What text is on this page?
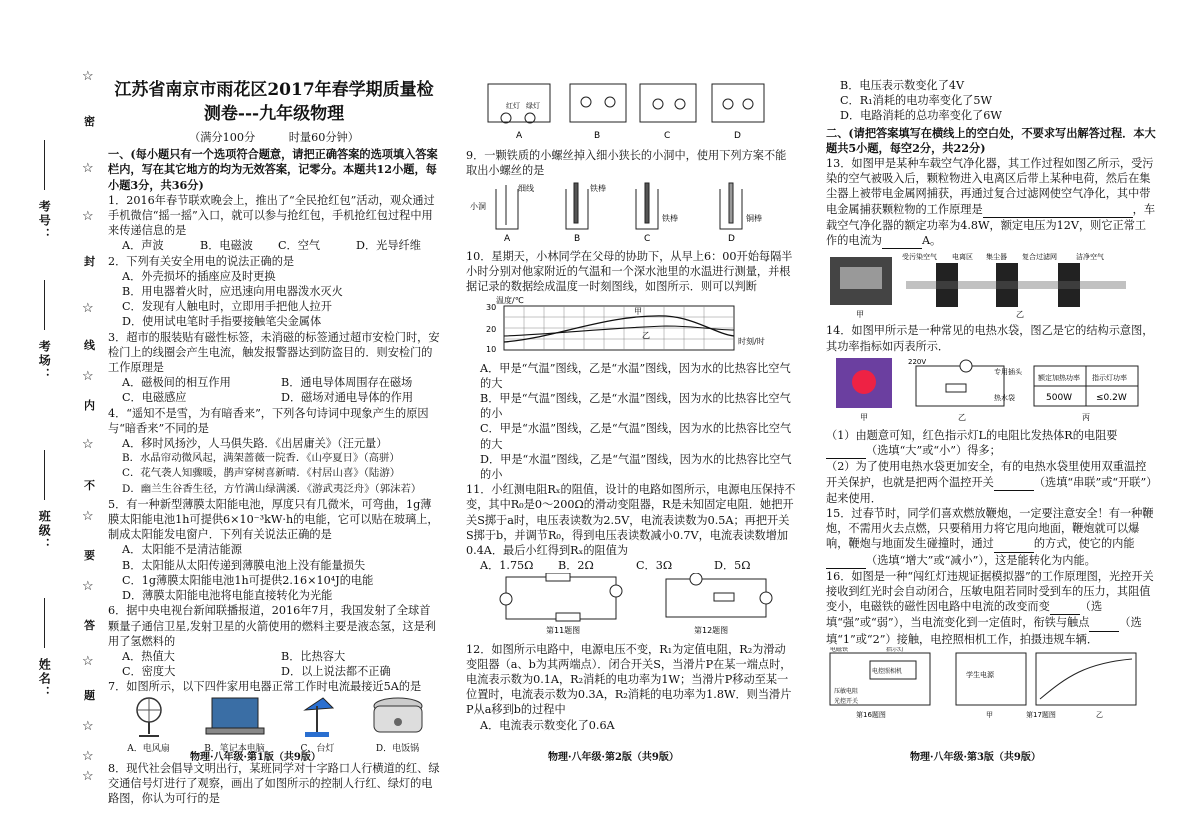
☆
密
☆
☆
封
☆
线
☆
内
☆
不
☆
要
☆
答
☆
题
☆
☆
☆
考号：
考场：
班级：
姓名：
江苏省南京市雨花区2017年春学期质量检
测卷---九年级物理
（满分100分　　　时量60分钟）

一、(每小题只有一个选项符合题意，请把正确答案的选项填入答案栏内，写在其它地方的均为无效答案，记零分。本题共12小题，每小题3分，共36分)

1．2016年春节联欢晚会上，推出了“全民抢红包”活动，观众通过手机微信“摇一摇”入口，就可以参与抢红包，手机抢红包过程中用来传递信息的是

A．声波	B．电磁波	C．空气	D．光导纤维

2．下列有关安全用电的说法正确的是

A．外壳损坏的插座应及时更换

B．用电器着火时，应迅速向用电器泼水灭火

C．发现有人触电时，立即用手把他人拉开

D．使用试电笔时手指要接触笔尖金属体

3．超市的服装贴有磁性标签，未消磁的标签通过超市安检门时，安检门上的线圈会产生电流，触发报警器达到防盗目的．则安检门的工作原理是

A．磁极间的相互作用	B．通电导体周围存在磁场
C．电磁感应	D．磁场对通电导体的作用

4．“遥知不是雪，为有暗香来”，下列各句诗词中现象产生的原因与“暗香来”不同的是

A．移时风扬沙，人马俱失路．《出居庸关》（汪元量）

B．水晶帘动微风起，满架蔷薇一院香．《山亭夏日》（高骈）

C．花气袭人知骤暖，鹊声穿树喜新晴．《村居山喜》（陆游）

D．幽兰生谷香生径，方竹满山绿满溪．《游武夷泛舟》（郭沫若）

5．有一种新型薄膜太阳能电池，厚度只有几微米，可弯曲，1g薄膜太阳能电池1h可提供6×10⁻³kW·h的电能，它可以贴在玻璃上，制成太阳能发电窗户．下列有关说法正确的是

A．太阳能不是清洁能源

B．太阳能从太阳传递到薄膜电池上没有能量损失

C．1g薄膜太阳能电池1h可提供2.16×10⁴J的电能

D．薄膜太阳能电池将电能直接转化为光能

6．据中央电视台新闻联播报道，2016年7月，我国发射了全球首颗量子通信卫星,发射卫星的火箭使用的燃料主要是液态氢，这是利用了氢燃料的

A．热值大	B．比热容大
C．密度大	D．以上说法都不正确

7．如图所示，以下四件家用电器正常工作时电流最接近5A的是

A．电风扇	B．笔记本电脑	C．台灯	D．电饭锅

8．现代社会倡导文明出行，某班同学对十字路口人行横道的红、绿交通信号灯进行了观察，画出了如图所示的控制人行红、绿灯的电路图，你认为可行的是

红灯 绿灯
A	B	C	D

9．一颗铁质的小螺丝掉入细小狭长的小洞中，使用下列方案不能取出小螺丝的是

细线	铁棒
铁棒	铜棒
小洞
A	B	C	D

10．星期天，小林同学在父母的协助下，从早上6：00开始每隔半小时分别对他家附近的气温和一个深水池里的水温进行测量，并根据记录的数据绘成温度一时刻图线，如图所示．则可以判断

温度/℃
30
20
10
甲
乙
时刻/时

A．甲是“气温”图线，乙是“水温”图线，因为水的比热容比空气的大

B．甲是“气温”图线，乙是“水温”图线，因为水的比热容比空气的小

C．甲是“水温”图线，乙是“气温”图线，因为水的比热容比空气的大

D．甲是“水温”图线，乙是“气温”图线，因为水的比热容比空气的小

11．小红测电阻Rₓ的阻值，设计的电路如图所示，电源电压保持不变，其中R₀是0～200Ω的滑动变阻器，R是未知固定电阻．她把开关S掷于a时，电压表读数为2.5V，电流表读数为0.5A；再把开关S掷于b，并调节R₀，得到电压表读数减小0.7V，电流表读数增加0.4A．最后小红得到Rₓ的阻值为

A．1.75Ω	B．2Ω	C．3Ω	D．5Ω
第11题图	第12题图

12．如图所示电路中，电源电压不变，R₁为定值电阻，R₂为滑动变阻器（a、b为其两端点）．闭合开关S，当滑片P在某一端点时，电流表示数为0.1A，R₂消耗的电功率为1W；当滑片P移动至某一位置时，电流表示数为0.3A，R₂消耗的电功率为1.8W．则当滑片P从a移到b的过程中

A．电流表示数变化了0.6A

B．电压表示数变化了4V

C．R₁消耗的电功率变化了5W

D．电路消耗的总功率变化了6W

二、(请把答案填写在横线上的空白处，不要求写出解答过程．本大题共5小题，每空2分，共22分)

13．如图甲是某种车载空气净化器，其工作过程如图乙所示，受污染的空气被吸入后，颗粒物进入电离区后带上某种电荷，然后在集尘器上被带电金属网捕获，再通过复合过滤网使空气净化，其中带电金属捕获颗粒物的工作原理是	，车载空气净化器的额定功率为4.8W，额定电压为12V，则它正常工作的电流为	A。

受污染空气 电离区 集尘器 复合过滤网	洁净空气
甲	乙

14．如图甲所示是一种常见的电热水袋，图乙是它的结构示意图，其功率指标如丙表所示．

220V
专用插头
热水袋
额定加热功率 指示灯功率
500W	≤0.2W
甲	乙	丙

（1）由题意可知，红色指示灯L的电阻比发热体R的电阻要 （选填“大”或“小”）得多；

（2）为了使用电热水袋更加安全，有的电热水袋里使用双重温控开关保护，也就是把两个温控开关	（选填“串联”或“开联”）起来使用．

15．过春节时，同学们喜欢燃放鞭炮，一定要注意安全！有一种鞭炮，不需用火去点燃，只要稍用力将它甩向地面，鞭炮就可以爆响，鞭炮与地面发生碰撞时，通过	的方式，使它的内能 （选填“增大”或“减小”），这是能转化为内能。

16．如图是一种“闯红灯违规证据模拟器”的工作原理图，光控开关接收到红光时会自动闭合，压敏电阻若同时受到车的压力，其阻值变小，电磁铁的磁性因电路中电流的改变而变	（选填“强”或“弱”），当电流变化到一定值时，衔铁与触点	（选填“1”或“2”）接触，电控照相机工作，拍摄违规车辆．

电磁铁
电控照相机
指示灯
压敏电阻
光控开关
学生电源
第16题图	甲	第17题图	乙
物理·八年级·第1版（共9版）	物理·八年级·第2版（共9版）	物理·八年级·第3版（共9版）
